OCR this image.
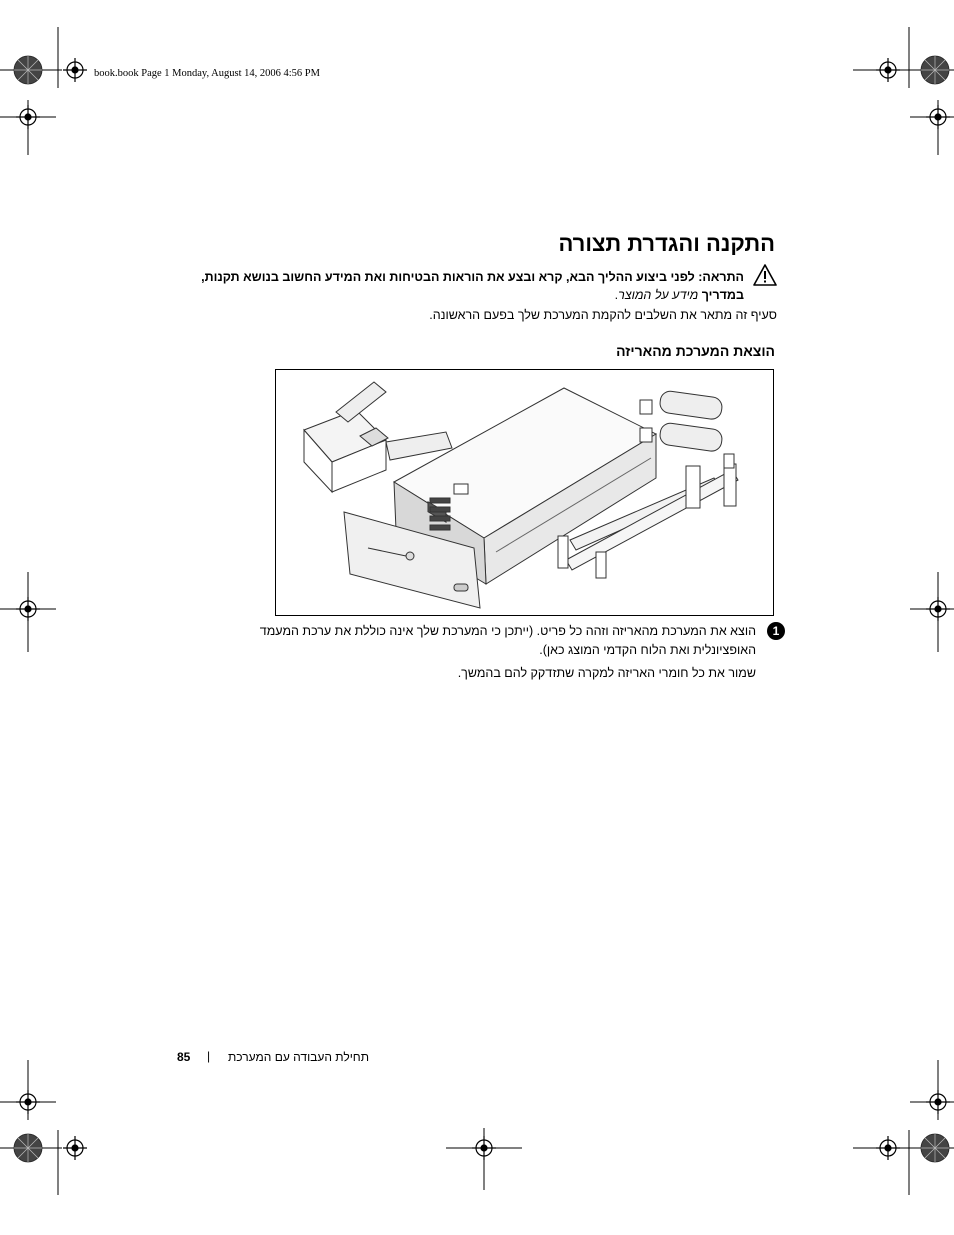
book.book Page 1 Monday, August 14, 2006 4:56 PM
התקנה והגדרת תצורה
התראה: לפני ביצוע ההליך הבא, קרא ובצע את הוראות הבטיחות ואת המידע החשוב בנושא תקנות, במדריך מידע על המוצר.
סעיף זה מתאר את השלבים להקמת המערכת שלך בפעם הראשונה.
הוצאת המערכת מהאריזה
1
הוצא את המערכת מהאריזה וזהה כל פריט. (ייתכן כי המערכת שלך אינה כוללת את ערכת המעמד האופציונלית ואת הלוח הקדמי המוצג כאן).
שמור את כל חומרי האריזה למקרה שתזדקק להם בהמשך.
תחילת העבודה עם המערכת
|
85
